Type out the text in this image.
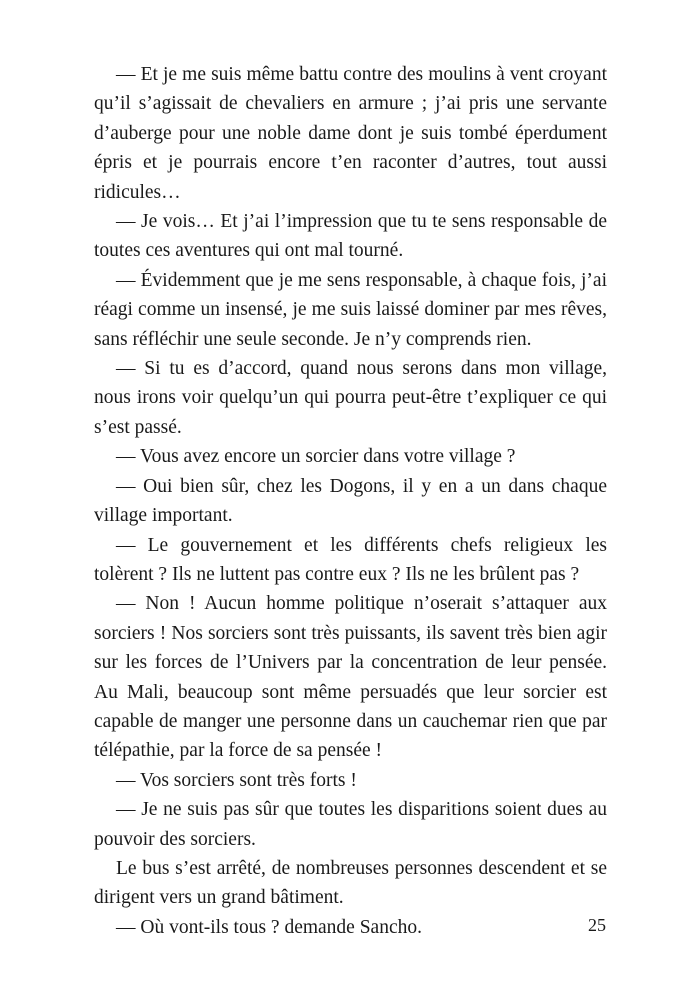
— Et je me suis même battu contre des moulins à vent croyant qu’il s’agissait de chevaliers en armure ; j’ai pris une servante d’auberge pour une noble dame dont je suis tombé éperdument épris et je pourrais encore t’en raconter d’autres, tout aussi ridicules…

— Je vois… Et j’ai l’impression que tu te sens responsable de toutes ces aventures qui ont mal tourné.

— Évidemment que je me sens responsable, à chaque fois, j’ai réagi comme un insensé, je me suis laissé dominer par mes rêves, sans réfléchir une seule seconde. Je n’y comprends rien.

— Si tu es d’accord, quand nous serons dans mon village, nous irons voir quelqu’un qui pourra peut-être t’expliquer ce qui s’est passé.

— Vous avez encore un sorcier dans votre village ?

— Oui bien sûr, chez les Dogons, il y en a un dans chaque village important.

— Le gouvernement et les différents chefs religieux les tolèrent ? Ils ne luttent pas contre eux ? Ils ne les brûlent pas ?

— Non ! Aucun homme politique n’oserait s’attaquer aux sorciers ! Nos sorciers sont très puissants, ils savent très bien agir sur les forces de l’Univers par la concentration de leur pensée. Au Mali, beaucoup sont même persuadés que leur sorcier est capable de manger une personne dans un cauchemar rien que par télépathie, par la force de sa pensée !

— Vos sorciers sont très forts !

— Je ne suis pas sûr que toutes les disparitions soient dues au pouvoir des sorciers.

Le bus s’est arrêté, de nombreuses personnes descendent et se dirigent vers un grand bâtiment.

— Où vont-ils tous ? demande Sancho.	25
